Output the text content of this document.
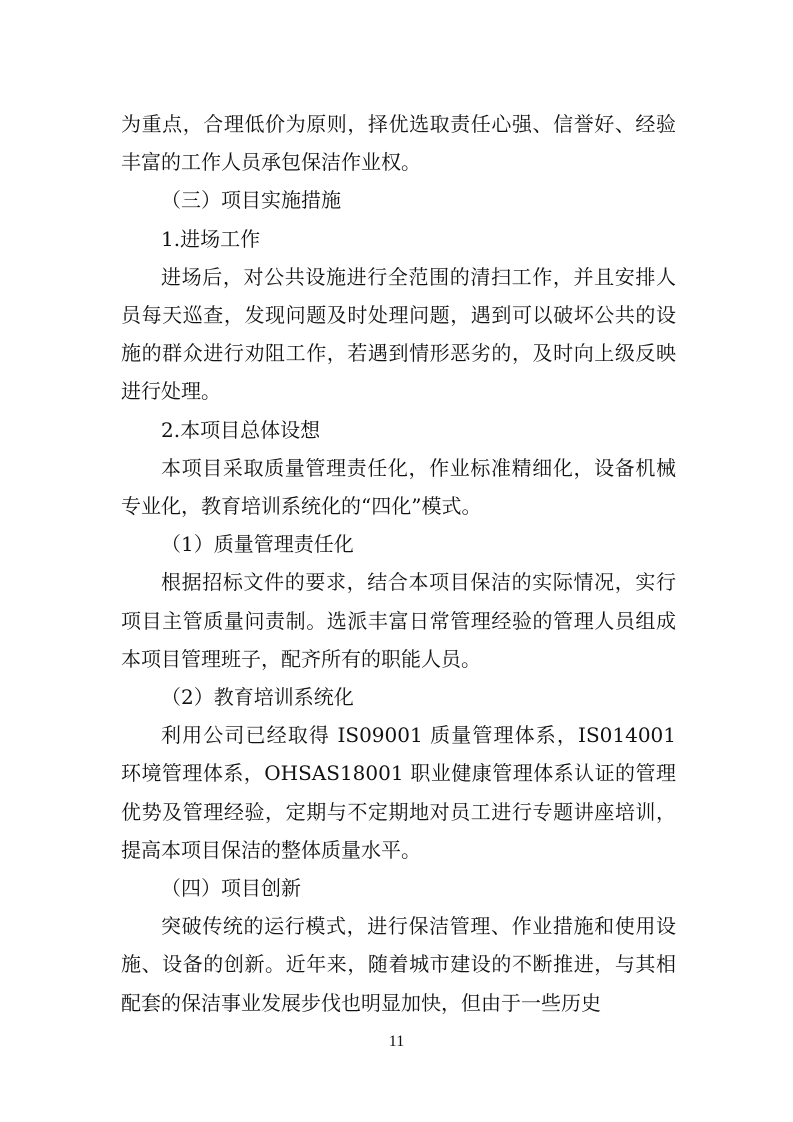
为重点，合理低价为原则，择优选取责任心强、信誉好、经验丰富的工作人员承包保洁作业权。

（三）项目实施措施

1.进场工作

进场后，对公共设施进行全范围的清扫工作，并且安排人员每天巡查，发现问题及时处理问题，遇到可以破坏公共的设施的群众进行劝阻工作，若遇到情形恶劣的，及时向上级反映进行处理。

2.本项目总体设想

本项目采取质量管理责任化，作业标准精细化，设备机械专业化，教育培训系统化的“四化”模式。

（1）质量管理责任化

根据招标文件的要求，结合本项目保洁的实际情况，实行项目主管质量问责制。选派丰富日常管理经验的管理人员组成本项目管理班子，配齐所有的职能人员。

（2）教育培训系统化

利用公司已经取得 IS09001 质量管理体系，IS014001 环境管理体系，OHSAS18001 职业健康管理体系认证的管理优势及管理经验，定期与不定期地对员工进行专题讲座培训，提高本项目保洁的整体质量水平。

（四）项目创新

突破传统的运行模式，进行保洁管理、作业措施和使用设施、设备的创新。近年来，随着城市建设的不断推进，与其相配套的保洁事业发展步伐也明显加快，但由于一些历史

11
